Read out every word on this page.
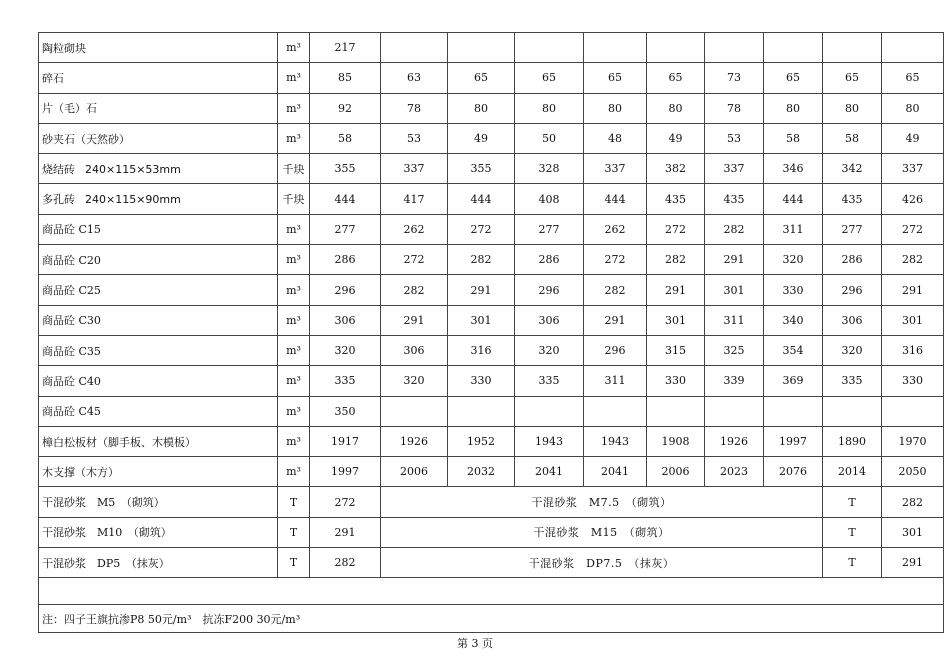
陶粒砌块	m³	217									
碎石	m³	85	63	65	65	65	65	73	65	65	65
片（毛）石	m³	92	78	80	80	80	80	78	80	80	80
砂夹石（天然砂）	m³	58	53	49	50	48	49	53	58	58	49
烧结砖 240×115×53mm	千块	355	337	355	328	337	382	337	346	342	337
多孔砖 240×115×90mm	千块	444	417	444	408	444	435	435	444	435	426
商品砼 C15	m³	277	262	272	277	262	272	282	311	277	272
商品砼 C20	m³	286	272	282	286	272	282	291	320	286	282
商品砼 C25	m³	296	282	291	296	282	291	301	330	296	291
商品砼 C30	m³	306	291	301	306	291	301	311	340	306	301
商品砼 C35	m³	320	306	316	320	296	315	325	354	320	316
商品砼 C40	m³	335	320	330	335	311	330	339	369	335	330
商品砼 C45	m³	350									
樟白松板材（脚手板、木模板）	m³	1917	1926	1952	1943	1943	1908	1926	1997	1890	1970
木支撑（木方）	m³	1997	2006	2032	2041	2041	2006	2023	2076	2014	2050
干混砂浆　M5　（砌筑）	T	272	干混砂浆　M7.5　（砌筑）							T	282
干混砂浆　M10　（砌筑）	T	291	干混砂浆　M15　（砌筑）							T	301
干混砂浆　DP5　（抹灰）	T	282	干混砂浆　DP7.5　（抹灰）							T	291

注：四子王旗抗渗P8 50元/m³　抗冻F200 30元/m³											
第 3 页
